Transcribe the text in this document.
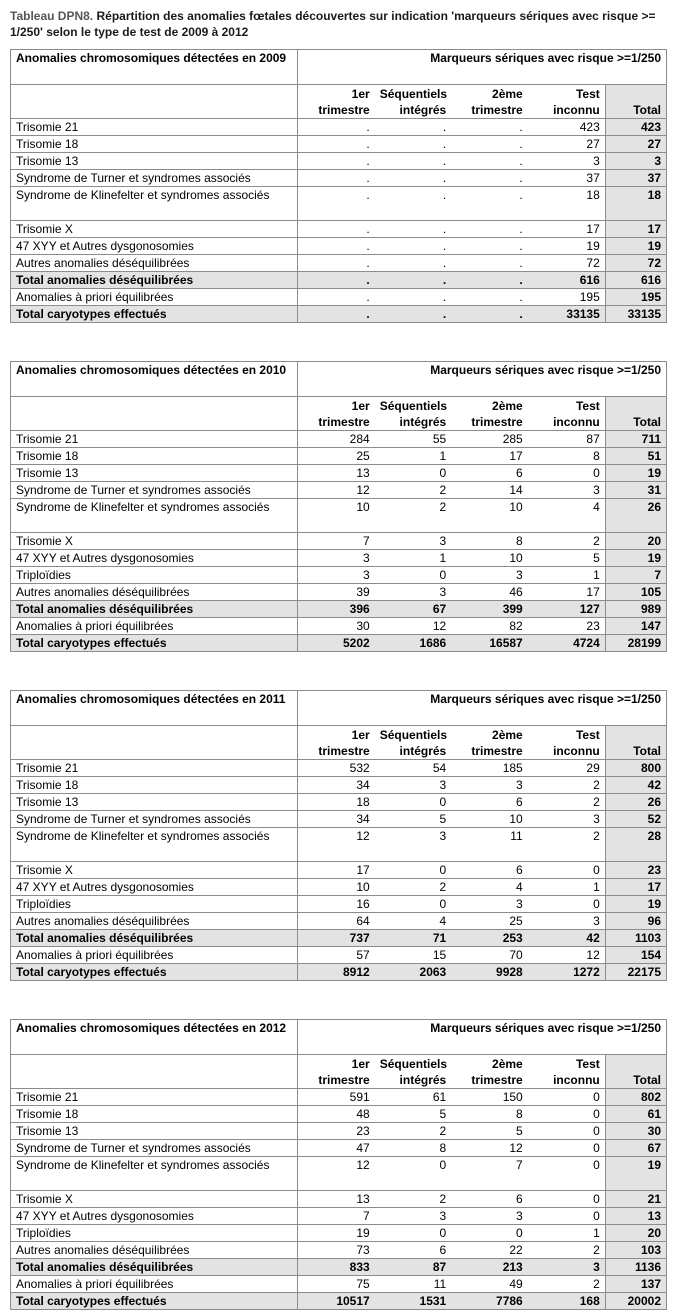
Tableau DPN8. Répartition des anomalies fœtales découvertes sur indication 'marqueurs sériques avec risque >= 1/250' selon le type de test de 2009 à 2012
Anomalies chromosomiques détectées en 2009	Marqueurs sériques avec risque >=1/250				
	1er trimestre	Séquentiels intégrés	2ème trimestre	Test inconnu	Total
Trisomie 21	.	.	.	423	423
Trisomie 18	.	.	.	27	27
Trisomie 13	.	.	.	3	3
Syndrome de Turner et syndromes associés	.	.	.	37	37
Syndrome de Klinefelter et syndromes associés	.	.	.	18	18
Trisomie X	.	.	.	17	17
47 XYY et Autres dysgonosomies	.	.	.	19	19
Autres anomalies déséquilibrées	.	.	.	72	72
Total anomalies déséquilibrées	.	.	.	616	616
Anomalies à priori équilibrées	.	.	.	195	195
Total caryotypes effectués	.	.	.	33135	33135
Anomalies chromosomiques détectées en 2010	Marqueurs sériques avec risque >=1/250				
	1er trimestre	Séquentiels intégrés	2ème trimestre	Test inconnu	Total
Trisomie 21	284	55	285	87	711
Trisomie 18	25	1	17	8	51
Trisomie 13	13	0	6	0	19
Syndrome de Turner et syndromes associés	12	2	14	3	31
Syndrome de Klinefelter et syndromes associés	10	2	10	4	26
Trisomie X	7	3	8	2	20
47 XYY et Autres dysgonosomies	3	1	10	5	19
Triploïdies	3	0	3	1	7
Autres anomalies déséquilibrées	39	3	46	17	105
Total anomalies déséquilibrées	396	67	399	127	989
Anomalies à priori équilibrées	30	12	82	23	147
Total caryotypes effectués	5202	1686	16587	4724	28199
Anomalies chromosomiques détectées en 2011	Marqueurs sériques avec risque >=1/250				
	1er trimestre	Séquentiels intégrés	2ème trimestre	Test inconnu	Total
Trisomie 21	532	54	185	29	800
Trisomie 18	34	3	3	2	42
Trisomie 13	18	0	6	2	26
Syndrome de Turner et syndromes associés	34	5	10	3	52
Syndrome de Klinefelter et syndromes associés	12	3	11	2	28
Trisomie X	17	0	6	0	23
47 XYY et Autres dysgonosomies	10	2	4	1	17
Triploïdies	16	0	3	0	19
Autres anomalies déséquilibrées	64	4	25	3	96
Total anomalies déséquilibrées	737	71	253	42	1103
Anomalies à priori équilibrées	57	15	70	12	154
Total caryotypes effectués	8912	2063	9928	1272	22175
Anomalies chromosomiques détectées en 2012	Marqueurs sériques avec risque >=1/250				
	1er trimestre	Séquentiels intégrés	2ème trimestre	Test inconnu	Total
Trisomie 21	591	61	150	0	802
Trisomie 18	48	5	8	0	61
Trisomie 13	23	2	5	0	30
Syndrome de Turner et syndromes associés	47	8	12	0	67
Syndrome de Klinefelter et syndromes associés	12	0	7	0	19
Trisomie X	13	2	6	0	21
47 XYY et Autres dysgonosomies	7	3	3	0	13
Triploïdies	19	0	0	1	20
Autres anomalies déséquilibrées	73	6	22	2	103
Total anomalies déséquilibrées	833	87	213	3	1136
Anomalies à priori équilibrées	75	11	49	2	137
Total caryotypes effectués	10517	1531	7786	168	20002
